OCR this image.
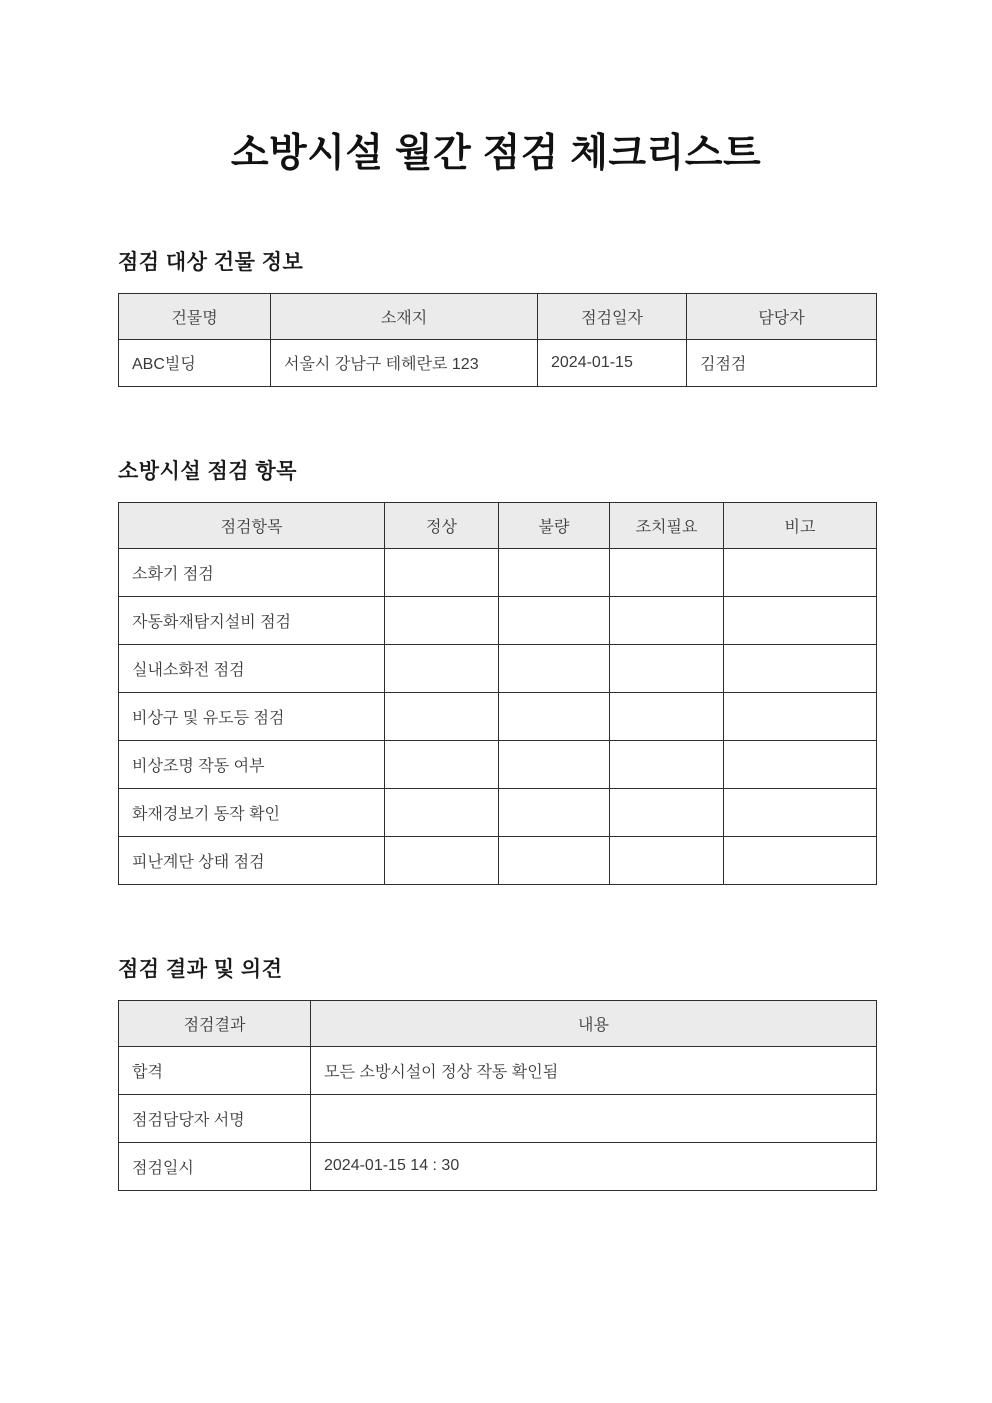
소방시설 월간 점검 체크리스트
점검 대상 건물 정보
건물명	소재지	점검일자	담당자
ABC빌딩	서울시 강남구 테헤란로 123	2024-01-15	김점검
소방시설 점검 항목
점검항목	정상	불량	조치필요	비고
소화기 점검				
자동화재탐지설비 점검				
실내소화전 점검				
비상구 및 유도등 점검				
비상조명 작동 여부				
화재경보기 동작 확인				
피난계단 상태 점검				
점검 결과 및 의견
점검결과	내용
합격	모든 소방시설이 정상 작동 확인됨
점검담당자 서명	
점검일시	2024-01-15 14 : 30
